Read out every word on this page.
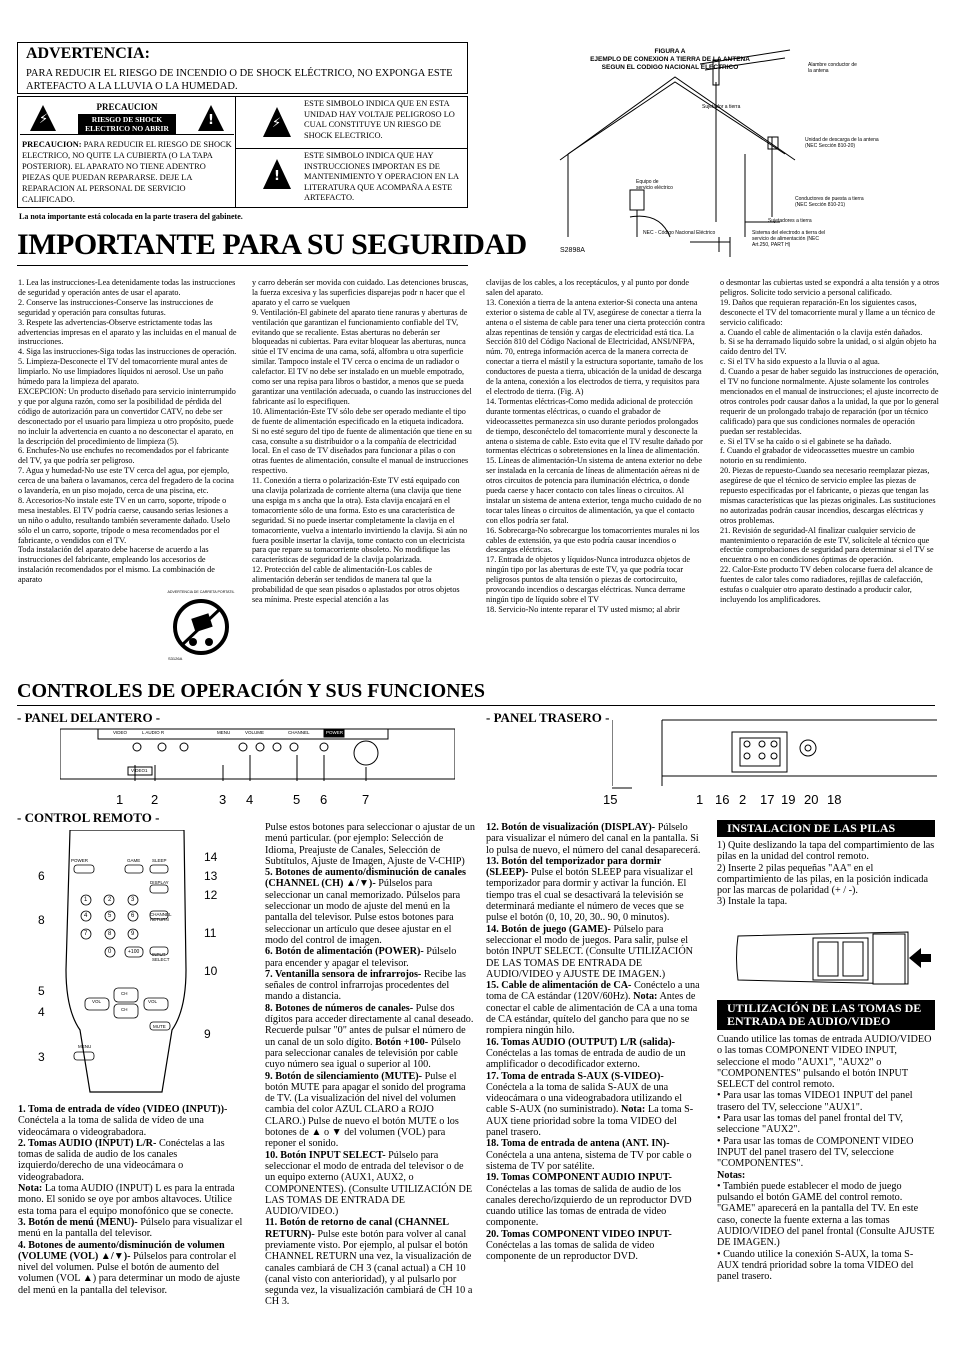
ADVERTENCIA:

PARA REDUCIR EL RIESGO DE INCENDIO O DE SHOCK ELÉCTRICO, NO EXPONGA ESTE ARTEFACTO A LA LLUVIA O LA HUMEDAD.

⚡
PRECAUCION
RIESGO DE SHOCK ELECTRICO NO ABRIR
!
PRECAUCION: PARA REDUCIR EL RIESGO DE SHOCK ELECTRICO, NO QUITE LA CUBIERTA (O LA TAPA POSTERIOR). EL APARATO NO TIENE ADENTRO PIEZAS QUE PUEDAN REPARARSE. DEJE LA REPARACION AL PERSONAL DE SERVICIO CALIFICADO.
⚡
ESTE SIMBOLO INDICA QUE EN ESTA UNIDAD HAY VOLTAJE PELIGROSO LO CUAL CONSTITUYE UN RIESGO DE SHOCK ELECTRICO.
!
ESTE SIMBOLO INDICA QUE HAY INSTRUCCIONES IMPORTAN ES DE MANTENIMIENTO Y OPERACION EN LA LITERATURA QUE ACOMPAÑA A ESTE ARTEFACTO.
La nota importante está colocada en la parte trasera del gabinete.
IMPORTANTE PARA SU SEGURIDAD
FIGURA A
EJEMPLO DE CONEXION A TIERRA DE LA ANTENA SEGUN EL CODIGO NACIONAL ELECTRICO	Alambre conductor de la antena
Sujetador a tierra
Unidad de descarga de la antena (NEC Sección 810-20)
Equipo de servicio eléctrico
Conductores de puesta a tierra (NEC Sección 810-21)
Sujetadores a tierra
NEC - Código Nacional Eléctrico	Sistema del electrodo a tierra del servicio de alimentación (NEC Art.250, PART H)
S2898A
1. Lea las instrucciones-Lea detenidamente todas las instrucciones de seguridad y operación antes de usar el aparato.
2. Conserve las instrucciones-Conserve las instrucciones de seguridad y operación para consultas futuras.
3. Respete las advertencias-Observe estrictamente todas las advertencias impresas en el aparato y las incluidas en el manual de instrucciones.
4. Siga las instrucciones-Siga todas las instrucciones de operación.
5. Limpieza-Desconecte el TV del tomacorriente mural antes de limpiarlo. No use limpiadores líquidos ni aerosol. Use un paño húmedo para la limpieza del aparato.
EXCEPCION: Un producto diseñado para servicio ininterrumpido y que por alguna razón, como ser la posibilidad de pérdida del código de autorización para un convertidor CATV, no debe ser desconectado por el usuario para limpieza u otro propósito, puede no incluir la advertencia en cuanto a no desconectar el aparato, en la descripción del procedimiento de limpieza (5).
6. Enchufes-No use enchufes no recomendados por el fabricante del TV, ya que podría ser peligroso.
7. Agua y humedad-No use este TV cerca del agua, por ejemplo, cerca de una bañera o lavamanos, cerca del fregadero de la cocina o lavandería, en un piso mojado, cerca de una piscina, etc.
8. Accesorios-No instale este TV en un carro, soporte, trípode o mesa inestables. El TV podría caerse, causando serias lesiones a un niño o adulto, resultando también severamente dañado. Uselo sólo el un carro, soporte, trípode o mesa recomendados por el fabricante, o vendidos con el TV.
Toda instalación del aparato debe hacerse de acuerdo a las instrucciones del fabricante, empleando los accesorios de instalación recomendados por el mismo. La combinación de aparato
y carro deberán ser movida con cuidado. Las detenciones bruscas, la fuerza excesiva y las superficies disparejas podr n hacer que el aparato y el carro se vuelquen
9. Ventilación-El gabinete del aparato tiene ranuras y aberturas de ventilación que garantizan el funcionamiento confiable del TV, evitando que se recaliente. Estas aberturas no deberán ser bloqueadas ni cubiertas. Para evitar bloquear las aberturas, nunca sitúe el TV encima de una cama, sofá, alfombra u otra superficie similar. Tampoco instale el TV cerca o encima de un radiador o calefactor. El TV no debe ser instalado en un mueble empotrado, como ser una repisa para libros o bastidor, a menos que se pueda garantizar una ventilación adecuada, o cuando las instrucciones del fabricante así lo especifiquen.
10. Alimentación-Este TV sólo debe ser operado mediante el tipo de fuente de alimentación especificado en la etiqueta indicadora. Si no esté seguro del tipo de fuente de alimentación que tiene en su casa, consulte a su distribuidor o a la compañía de electricidad local. En el caso de TV diseñados para funcionar a pilas o con otras fuentes de alimentación, consulte el manual de instrucciones respectivo.
11. Conexión a tierra o polarización-Este TV está equipado con una clavija polarizada de corriente alterna (una clavija que tiene una espiga m s ancha que la otra). Esta clavija encajará en el tomacorriente sólo de una forma. Esto es una característica de seguridad. Si no puede insertar completamente la clavija en el tomacorriente, vuelva a intentarlo invirtiendo la clavija. Si aún no fuera posible insertar la clavija, tome contacto con un electricista para que repare su tomacorriente obsoleto. No modifique las características de seguridad de la clavija polarizada.
12. Protección del cable de alimentación-Los cables de alimentación deberán ser tendidos de manera tal que la probabilidad de que sean pisados o aplastados por otros objetos sea mínima. Preste especial atención a las
clavijas de los cables, a los receptáculos, y al punto por donde salen del aparato.
13. Conexión a tierra de la antena exterior-Si conecta una antena exterior o sistema de cable al TV, asegúrese de conectar a tierra la antena o el sistema de cable para tener una cierta protección contra alzas repentinas de tensión y cargas de electricidad está tica. La Sección 810 del Código Nacional de Electricidad, ANSI/NFPA, núm. 70, entrega información acerca de la manera correcta de conectar a tierra el mástil y la estructura soportante, tamaño de los conductores de puesta a tierra, ubicación de la unidad de descarga de la antena, conexión a los electrodos de tierra, y requisitos para el electrodo de tierra. (Fig. A)
14. Tormentas eléctricas-Como medida adicional de protección durante tormentas eléctricas, o cuando el grabador de videocassettes permanezca sin uso durante periodos prolongados de tiempo, desconéctelo del tomacorriente mural y desconecte la antena o sistema de cable. Esto evita que el TV resulte dañado por tormentas eléctricas o sobretensiones en la línea de alimentación.
15. Líneas de alimentación-Un sistema de antena exterior no debe ser instalada en la cercanía de líneas de alimentación aéreas ni de otros circuitos de potencia para iluminación eléctrica, o donde pueda caerse y hacer contacto con tales líneas o circuitos. Al instalar un sistema de antena exterior, tenga mucho cuidado de no tocar tales líneas o circuitos de alimentación, ya que el contacto con ellos podría ser fatal.
16. Sobrecarga-No sobrecargue los tomacorrientes murales ni los cables de extensión, ya que esto podría causar incendios o descargas eléctricas.
17. Entrada de objetos y líquidos-Nunca introduzca objetos de ningún tipo por las aberturas de este TV, ya que podría tocar peligrosos puntos de alta tensión o piezas de cortocircuito, provocando incendios o descargas eléctricas. Nunca derrame ningún tipo de líquido sobre el TV
18. Servicio-No intente reparar el TV usted mismo; al abrir
o desmontar las cubiertas usted se expondrá a alta tensión y a otros peligros. Solicite todo servicio a personal calificado.
19. Daños que requieran reparación-En los siguientes casos, desconecte el TV del tomacorriente mural y llame a un técnico de servicio calificado:
a. Cuando el cable de alimentación o la clavija estén dañados.
b. Si se ha derramado líquido sobre la unidad, o si algún objeto ha caído dentro del TV.
c. Si el TV ha sido expuesto a la lluvia o al agua.
d. Cuando a pesar de haber seguido las instrucciones de operación, el TV no funcione normalmente. Ajuste solamente los controles mencionados en el manual de instrucciones; el ajuste incorrecto de otros controles podr causar daños a la unidad, la que por lo general requerir de un prolongado trabajo de reparación (por un técnico calificado) para que sus condiciones normales de operación puedan ser restablecidas.
e. Si el TV se ha caído o si el gabinete se ha dañado.
f. Cuando el grabador de videocassettes muestre un cambio notorio en su rendimiento.
20. Piezas de repuesto-Cuando sea necesario reemplazar piezas, asegúrese de que el técnico de servicio emplee las piezas de repuesto especificadas por el fabricante, o piezas que tengan las mismas características que las piezas originales. Las sustituciones no autorizadas podrán causar incendios, descargas eléctricas y otros problemas.
21. Revisión de seguridad-Al finalizar cualquier servicio de mantenimiento o reparación de este TV, solicítele al técnico que efectúe comprobaciones de seguridad para determinar si el TV se encuentra o no en condiciones óptimas de operación.
22. Calor-Este producto TV deben colocarse fuera del alcance de fuentes de calor tales como radiadores, rejillas de calefacción, estufas o cualquier otro aparato destinado a producir calor, incluyendo los amplificadores.
ADVERTENCIA DE CARRETA PORTATIL
S3126A
CONTROLES DE OPERACIÓN Y SUS FUNCIONES
- PANEL DELANTERO -
VIDEO	L AUDIO R	MENU	VOLUME	CHANNEL	POWER
VIDEO1
1 2	3 4	5 6	7
- PANEL TRASERO -
15	1 16 2 17 19 20 18
- CONTROL REMOTO -
POWER	GAME	SLEEP
DISPLAY
CHANNEL RETURN
INPUT SELECT
VOL	VOL
CH
CH
MUTE
MENU
1	2	3
4	5	6
7	8	9
0	+100
6
8
5
4
3
14
13
12
11
10
9
1. Toma de entrada de vídeo (VIDEO (INPUT))- Conéctela a la toma de salida de vídeo de una videocámara o videograbadora.
2. Tomas AUDIO (INPUT) L/R- Conéctelas a las tomas de salida de audio de los canales izquierdo/derecho de una videocámara o videograbadora.
Nota: La toma AUDIO (INPUT) L es para la entrada mono. El sonido se oye por ambos altavoces. Utilice esta toma para el equipo monofónico que se conecte.
3. Botón de menú (MENU)- Púlselo para visualizar el menú en la pantalla del televisor.
4. Botones de aumento/disminución de volumen (VOLUME (VOL) ▲/▼)- Púlselos para controlar el nivel del volumen. Pulse el botón de aumento del volumen (VOL ▲) para determinar un modo de ajuste del menú en la pantalla del televisor.
Pulse estos botones para seleccionar o ajustar de un menú particular. (por ejemplo: Selección de Idioma, Preajuste de Canales, Selección de Subtítulos, Ajuste de Imagen, Ajuste de V-CHIP)
5. Botones de aumento/disminución de canales (CHANNEL (CH) ▲/▼)- Púlselos para seleccionar un canal memorizado. Púlselos para seleccionar un modo de ajuste del menú en la pantalla del televisor. Pulse estos botones para seleccionar un artículo que desee ajustar en el modo del control de imagen.
6. Botón de alimentación (POWER)- Púlselo para encender y apagar el televisor.
7. Ventanilla sensora de infrarrojos- Recibe las señales de control infrarrojas procedentes del mando a distancia.
8. Botones de números de canales- Pulse dos dígitos para acceder directamente al canal deseado. Recuerde pulsar "0" antes de pulsar el número de un canal de un solo dígito. Botón +100- Púlselo para seleccionar canales de televisión por cable cuyo número sea igual o superior al 100.
9. Botón de silenciamiento (MUTE)- Pulse el botón MUTE para apagar el sonido del programa de TV. (La visualización del nivel del volumen cambia del color AZUL CLARO a ROJO CLARO.) Pulse de nuevo el botón MUTE o los botones de ▲ o ▼ del volumen (VOL) para reponer el sonido.
10. Botón INPUT SELECT- Púlselo para seleccionar el modo de entrada del televisor o de un equipo externo (AUX1, AUX2, o COMPONENTES). (Consulte UTILIZACIÓN DE LAS TOMAS DE ENTRADA DE AUDIO/VIDEO.)
11. Botón de retorno de canal (CHANNEL RETURN)- Pulse este botón para volver al canal previamente visto. Por ejemplo, al pulsar el botón CHANNEL RETURN una vez, la visualización de canales cambiará de CH 3 (canal actual) a CH 10 (canal visto con anterioridad), y al pulsarlo por segunda vez, la visualización cambiará de CH 10 a CH 3.
12. Botón de visualización (DISPLAY)- Púlselo para visualizar el número del canal en la pantalla. Si lo pulsa de nuevo, el número del canal desaparecerá.
13. Botón del temporizador para dormir (SLEEP)- Pulse el botón SLEEP para visualizar el temporizador para dormir y activar la función. El tiempo tras el cual se desactivará la televisión se determinará mediante el número de veces que se pulse el botón (0, 10, 20, 30.. 90, 0 minutos).
14. Botón de juego (GAME)- Púlselo para seleccionar el modo de juegos. Para salir, pulse el botón INPUT SELECT. (Consulte UTILIZACIÓN DE LAS TOMAS DE ENTRADA DE AUDIO/VIDEO y AJUSTE DE IMAGEN.)
15. Cable de alimentación de CA- Conéctelo a una toma de CA estándar (120V/60Hz). Nota: Antes de conectar el cable de alimentación de CA a una toma de CA estándar, quítelo del gancho para que no se rompiera ningún hilo.
16. Tomas AUDIO (OUTPUT) L/R (salida)- Conéctelas a las tomas de entrada de audio de un amplificador o decodificador externo.
17. Toma de entrada S-AUX (S-VIDEO)- Conéctela a la toma de salida S-AUX de una videocámara o una videograbadora utilizando el cable S-AUX (no suministrado). Nota: La toma S-AUX tiene prioridad sobre la toma VIDEO del panel trasero.
18. Toma de entrada de antena (ANT. IN)- Conéctela a una antena, sistema de TV por cable o sistema de TV por satélite.
19. Tomas COMPONENT AUDIO INPUT- Conéctelas a las tomas de salida de audio de los canales derecho/izquierdo de un reproductor DVD cuando utilice las tomas de entrada de video componente.
20. Tomas COMPONENT VIDEO INPUT- Conéctelas a las tomas de salida de video componente de un reproductor DVD.
INSTALACION DE LAS PILAS
1) Quite deslizando la tapa del compartimiento de las pilas en la unidad del control remoto.
2) Inserte 2 pilas pequeñas "AA" en el compartimiento de las pilas, en la posición indicada por las marcas de polaridad (+ / -).
3) Instale la tapa.
UTILIZACIÓN DE LAS TOMAS DE ENTRADA DE AUDIO/VIDEO
Cuando utilice las tomas de entrada AUDIO/VIDEO o las tomas COMPONENT VIDEO INPUT, seleccione el modo "AUX1", "AUX2" o "COMPONENTES" pulsando el botón INPUT SELECT del control remoto.
• Para usar las tomas VIDEO1 INPUT del panel trasero del TV, seleccione "AUX1".
• Para usar las tomas del panel frontal del TV, seleccione "AUX2".
• Para usar las tomas de COMPONENT VIDEO INPUT del panel trasero del TV, seleccione "COMPONENTES".
Notas:
• También puede establecer el modo de juego pulsando el botón GAME del control remoto. "GAME" aparecerá en la pantalla del TV. En este caso, conecte la fuente externa a las tomas AUDIO/VIDEO del panel frontal (Consulte AJUSTE DE IMAGEN.)
• Cuando utilice la conexión S-AUX, la toma S-AUX tendrá prioridad sobre la toma VIDEO del panel trasero.
